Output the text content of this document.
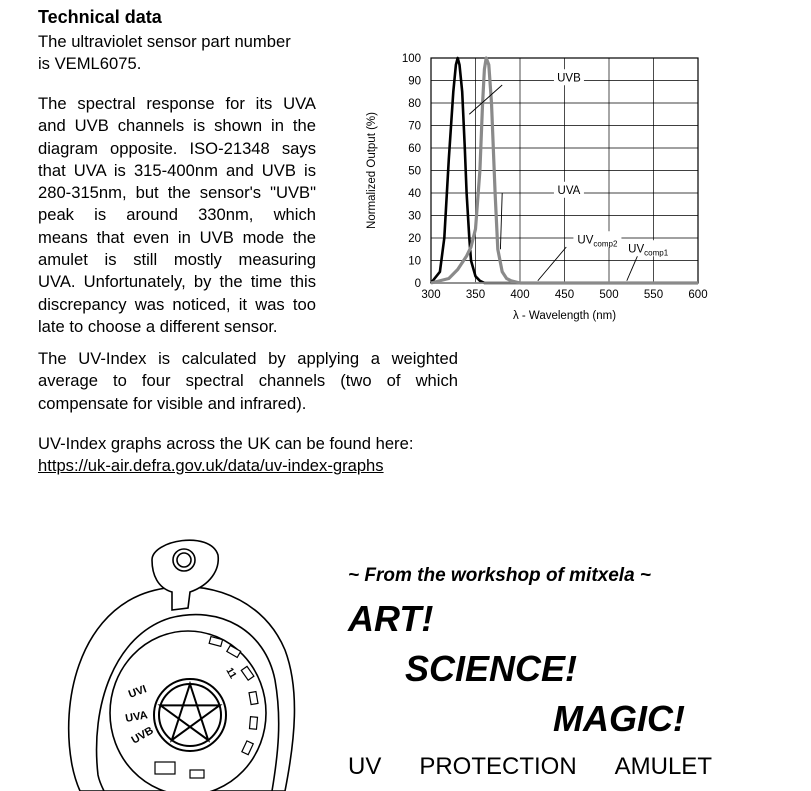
Technical data

The ultraviolet sensor part number
is VEML6075.

The spectral response for its UVA
and UVB channels is shown in the
diagram opposite. ISO-21348 says
that UVA is 315-400nm and UVB is
280-315nm, but the sensor's "UVB"
peak is around 330nm, which
means that even in UVB mode the
amulet is still mostly measuring
UVA. Unfortunately, by the time this
discrepancy was noticed, it was too
late to choose a different sensor.
The UV-Index is calculated by applying a weighted
average to four spectral channels (two of which
compensate for visible and infrared).
UV-Index graphs across the UK can be found here:
https://uk-air.defra.gov.uk/data/uv-index-graphs
300 350 400 450 500 550 600
0
10
20
30
40
50
60
70
80
90
100
λ - Wavelength (nm)
Normalized Output (%)
UVB
UVA
$UV_{comp2}$ $UV_{comp1}$
UVI
UVA
UVB
11
~ From the workshop of mitxela ~
ART!
SCIENCE!
MAGIC!
UV PROTECTION AMULET
